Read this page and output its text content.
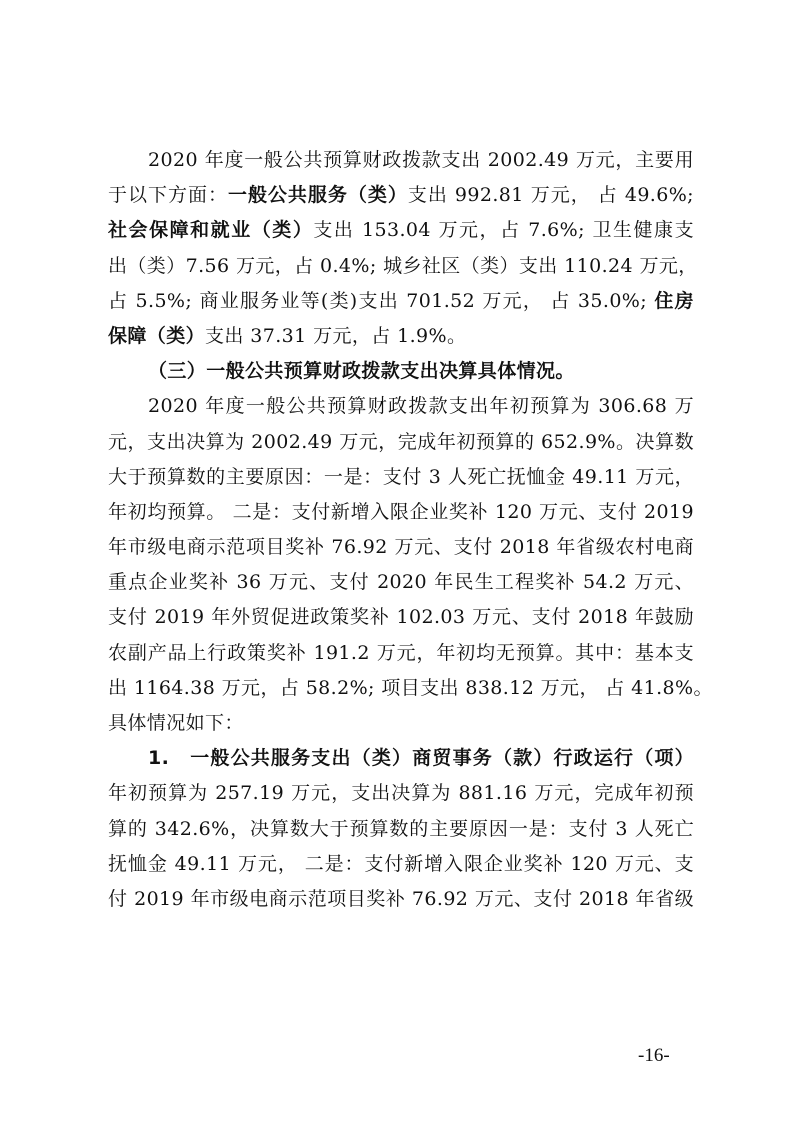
2020 年度一般公共预算财政拨款支出 2002.49 万元，主要用
于以下方面：一般公共服务（类）支出 992.81 万元， 占 49.6%;
社会保障和就业（类）支出 153.04 万元，占 7.6%; 卫生健康支
出（类）7.56 万元，占 0.4%; 城乡社区（类）支出 110.24 万元，
占 5.5%; 商业服务业等(类)支出 701.52 万元， 占 35.0%; 住房
保障（类）支出 37.31 万元，占 1.9%。
（三）一般公共预算财政拨款支出决算具体情况。
2020 年度一般公共预算财政拨款支出年初预算为 306.68 万
元，支出决算为 2002.49 万元，完成年初预算的 652.9%。决算数
大于预算数的主要原因：一是：支付 3 人死亡抚恤金 49.11 万元，
年初均预算。 二是：支付新增入限企业奖补 120 万元、支付 2019
年市级电商示范项目奖补 76.92 万元、支付 2018 年省级农村电商
重点企业奖补 36 万元、支付 2020 年民生工程奖补 54.2 万元、
支付 2019 年外贸促进政策奖补 102.03 万元、支付 2018 年鼓励
农副产品上行政策奖补 191.2 万元，年初均无预算。其中：基本支
出 1164.38 万元，占 58.2%; 项目支出 838.12 万元， 占 41.8%。
具体情况如下：
1.　一般公共服务支出（类）商贸事务（款）行政运行（项）
年初预算为 257.19 万元，支出决算为 881.16 万元，完成年初预
算的 342.6%，决算数大于预算数的主要原因一是：支付 3 人死亡
抚恤金 49.11 万元， 二是：支付新增入限企业奖补 120 万元、支
付 2019 年市级电商示范项目奖补 76.92 万元、支付 2018 年省级
-16-
